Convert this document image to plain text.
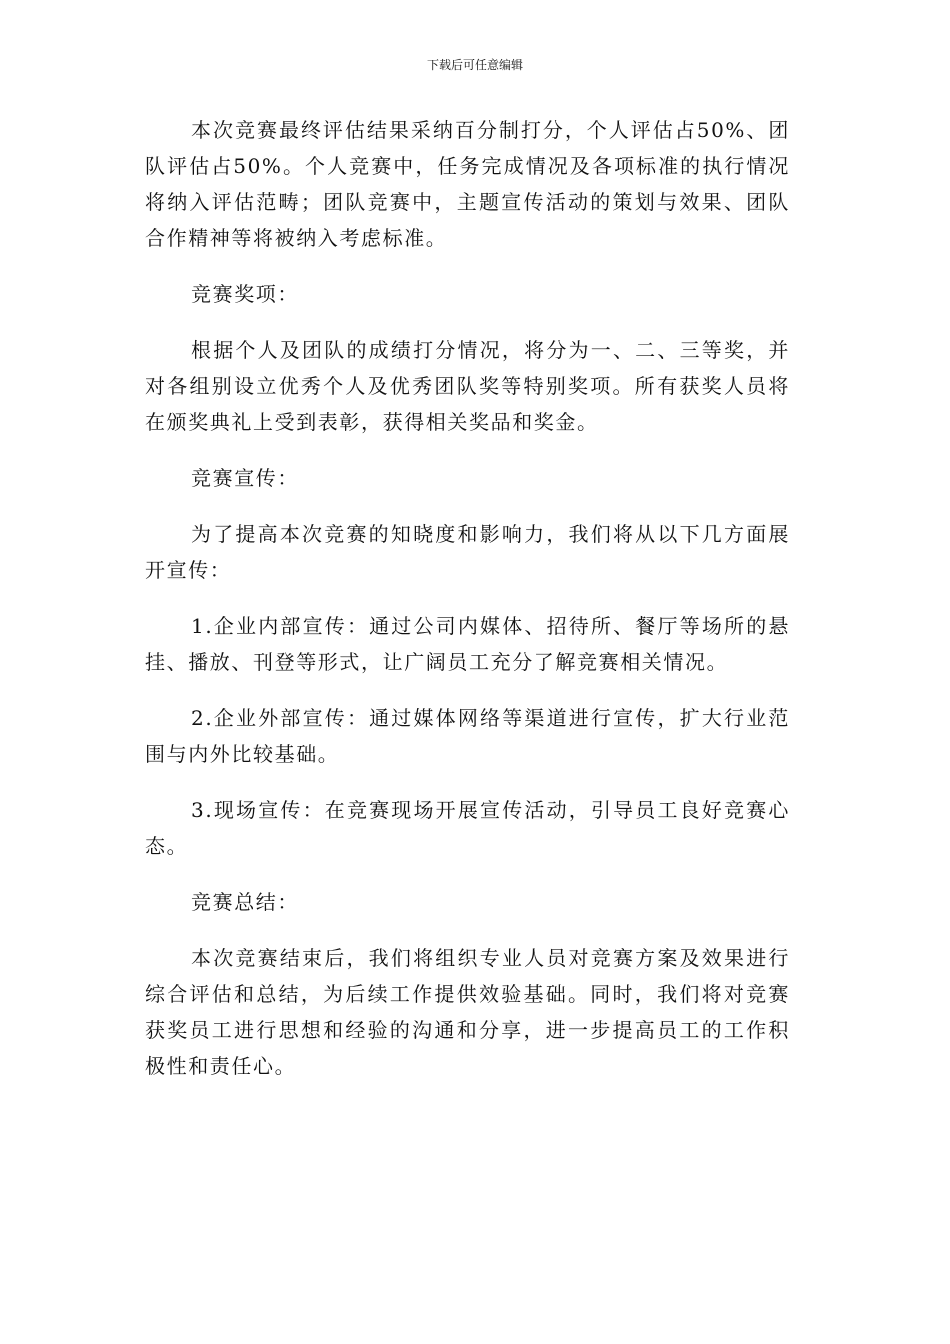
下载后可任意编辑

本次竞赛最终评估结果采纳百分制打分，个人评估占50%、团队评估占50%。个人竞赛中，任务完成情况及各项标准的执行情况将纳入评估范畴；团队竞赛中，主题宣传活动的策划与效果、团队合作精神等将被纳入考虑标准。

竞赛奖项：

根据个人及团队的成绩打分情况，将分为一、二、三等奖，并对各组别设立优秀个人及优秀团队奖等特别奖项。所有获奖人员将在颁奖典礼上受到表彰，获得相关奖品和奖金。

竞赛宣传：

为了提高本次竞赛的知晓度和影响力，我们将从以下几方面展开宣传：

1.企业内部宣传：通过公司内媒体、招待所、餐厅等场所的悬挂、播放、刊登等形式，让广阔员工充分了解竞赛相关情况。

2.企业外部宣传：通过媒体网络等渠道进行宣传，扩大行业范围与内外比较基础。

3.现场宣传：在竞赛现场开展宣传活动，引导员工良好竞赛心态。

竞赛总结：

本次竞赛结束后，我们将组织专业人员对竞赛方案及效果进行综合评估和总结，为后续工作提供效验基础。同时，我们将对竞赛获奖员工进行思想和经验的沟通和分享，进一步提高员工的工作积极性和责任心。
